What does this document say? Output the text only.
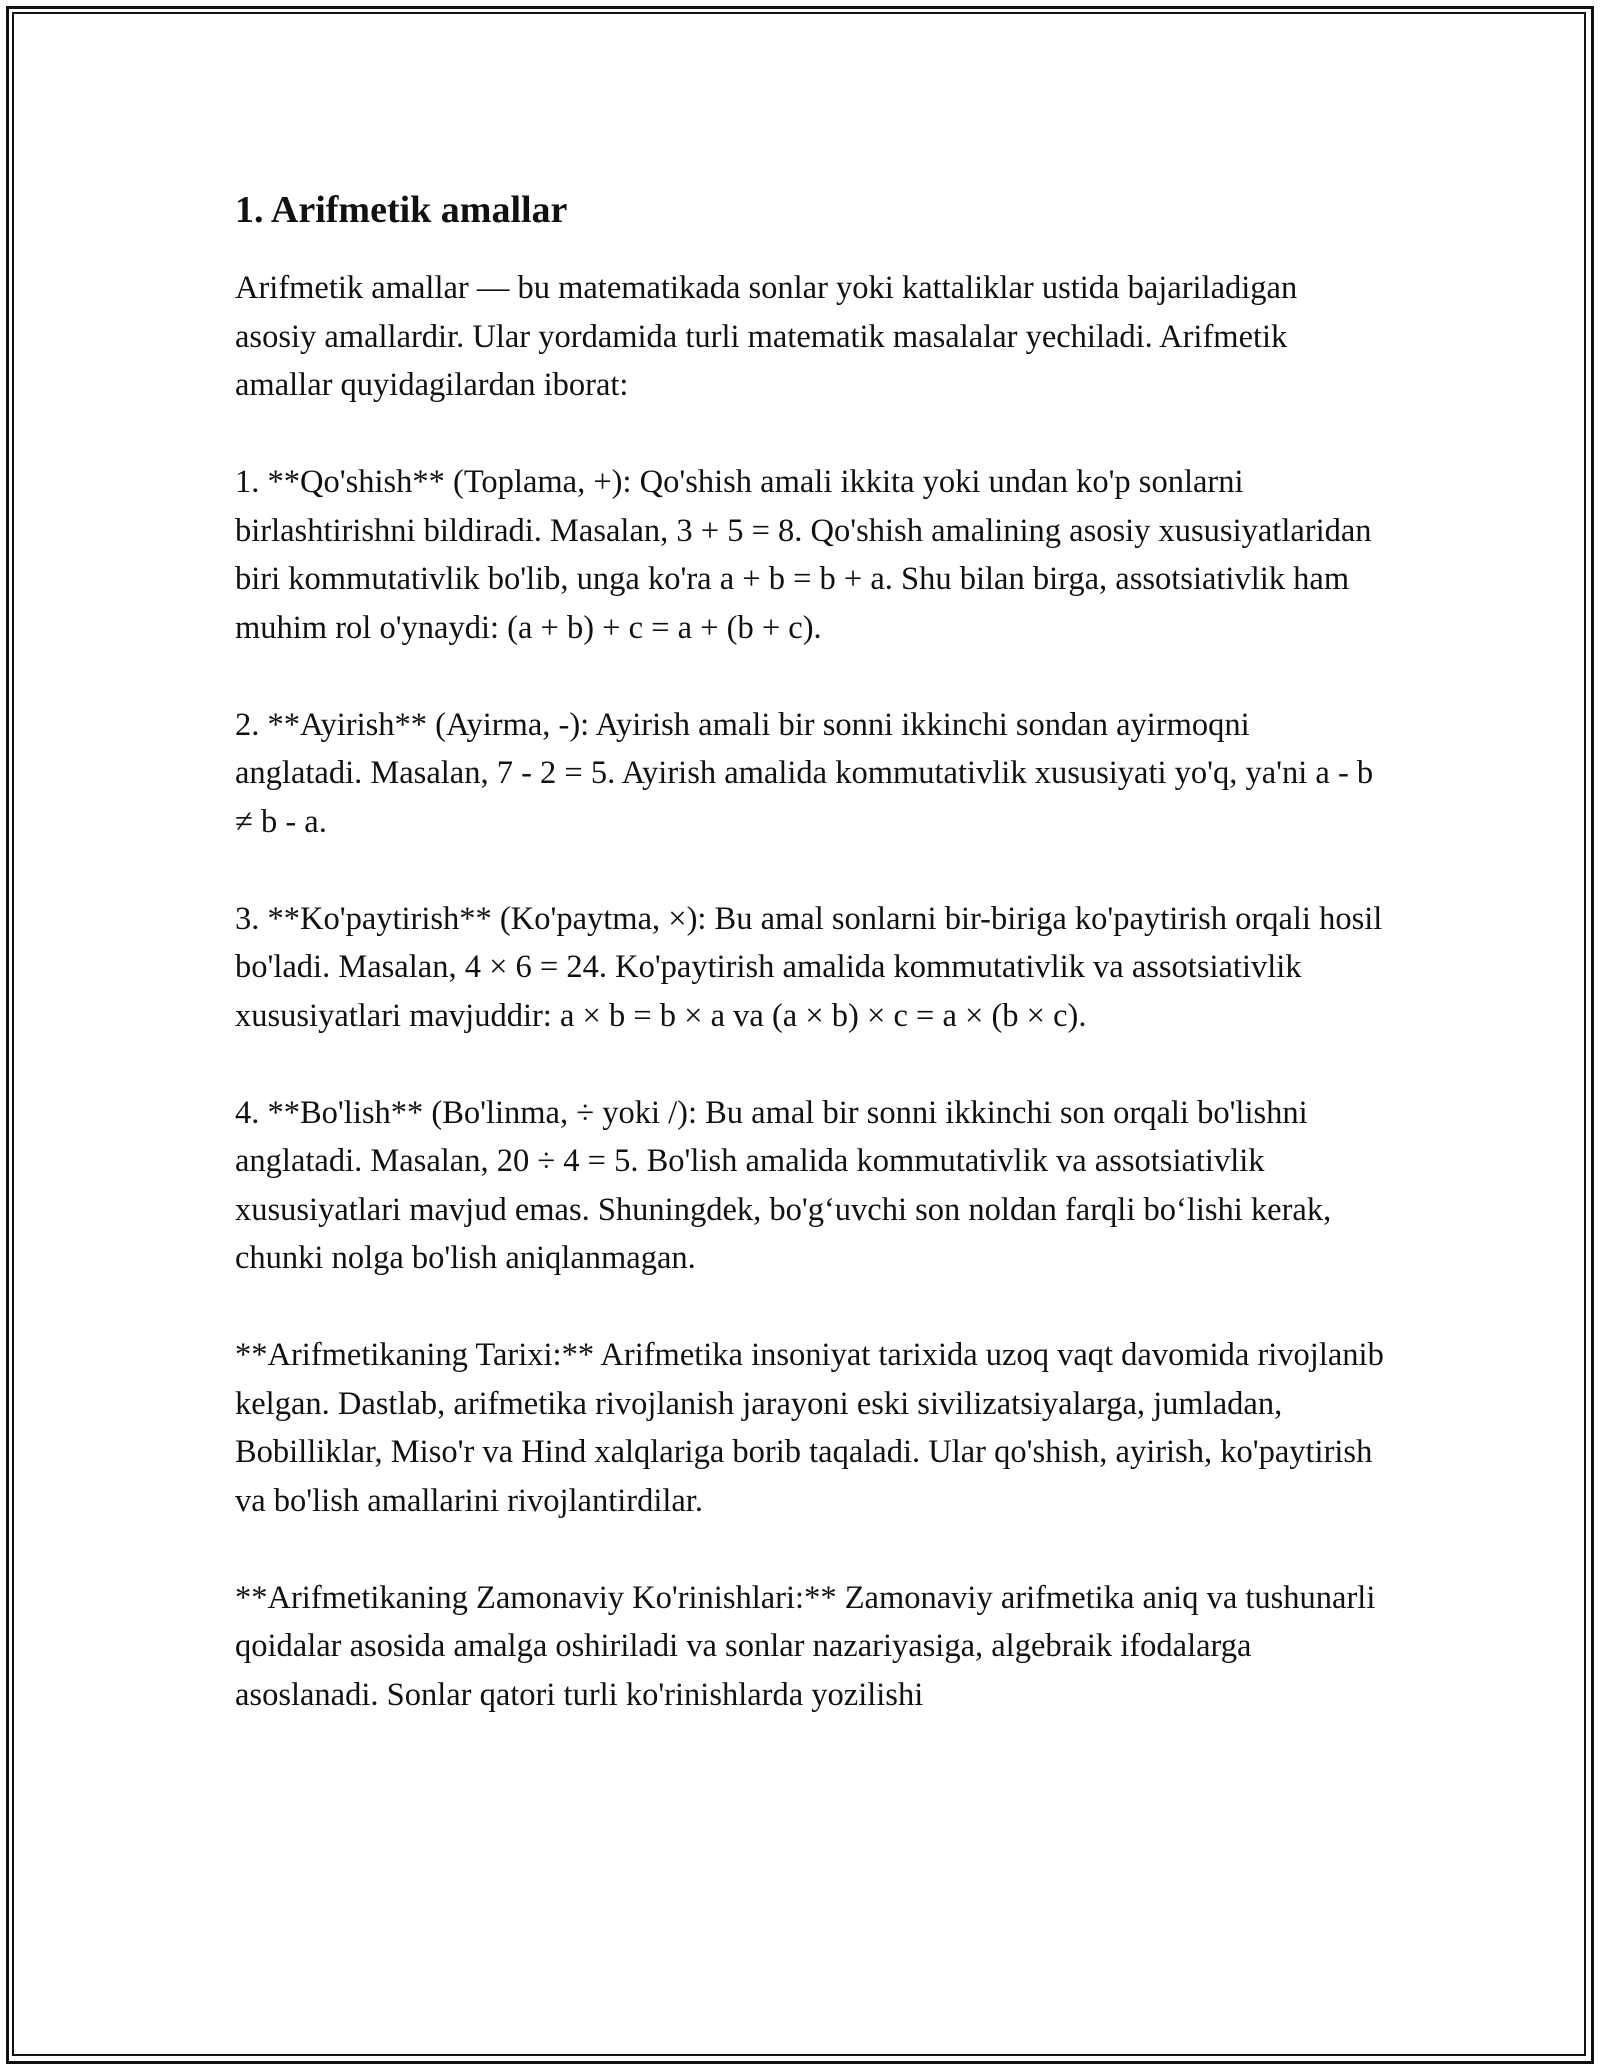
1. Arifmetik amallar

Arifmetik amallar — bu matematikada sonlar yoki kattaliklar ustida bajariladigan asosiy amallardir. Ular yordamida turli matematik masalalar yechiladi. Arifmetik amallar quyidagilardan iborat:

1. **Qo'shish** (Toplama, +): Qo'shish amali ikkita yoki undan ko'p sonlarni birlashtirishni bildiradi. Masalan, 3 + 5 = 8. Qo'shish amalining asosiy xususiyatlaridan biri kommutativlik bo'lib, unga ko'ra a + b = b + a. Shu bilan birga, assotsiativlik ham muhim rol o'ynaydi: (a + b) + c = a + (b + c).

2. **Ayirish** (Ayirma, -): Ayirish amali bir sonni ikkinchi sondan ayirmoqni anglatadi. Masalan, 7 - 2 = 5. Ayirish amalida kommutativlik xususiyati yo'q, ya'ni a - b ≠ b - a.

3. **Ko'paytirish** (Ko'paytma, ×): Bu amal sonlarni bir-biriga ko'paytirish orqali hosil bo'ladi. Masalan, 4 × 6 = 24. Ko'paytirish amalida kommutativlik va assotsiativlik xususiyatlari mavjuddir: a × b = b × a va (a × b) × c = a × (b × c).

4. **Bo'lish** (Bo'linma, ÷ yoki /): Bu amal bir sonni ikkinchi son orqali bo'lishni anglatadi. Masalan, 20 ÷ 4 = 5. Bo'lish amalida kommutativlik va assotsiativlik xususiyatlari mavjud emas. Shuningdek, bo'g‘uvchi son noldan farqli bo‘lishi kerak, chunki nolga bo'lish aniqlanmagan.

**Arifmetikaning Tarixi:** Arifmetika insoniyat tarixida uzoq vaqt davomida rivojlanib kelgan. Dastlab, arifmetika rivojlanish jarayoni eski sivilizatsiyalarga, jumladan, Bobilliklar, Miso'r va Hind xalqlariga borib taqaladi. Ular qo'shish, ayirish, ko'paytirish va bo'lish amallarini rivojlantirdilar.

**Arifmetikaning Zamonaviy Ko'rinishlari:** Zamonaviy arifmetika aniq va tushunarli qoidalar asosida amalga oshiriladi va sonlar nazariyasiga, algebraik ifodalarga asoslanadi. Sonlar qatori turli ko'rinishlarda yozilishi
